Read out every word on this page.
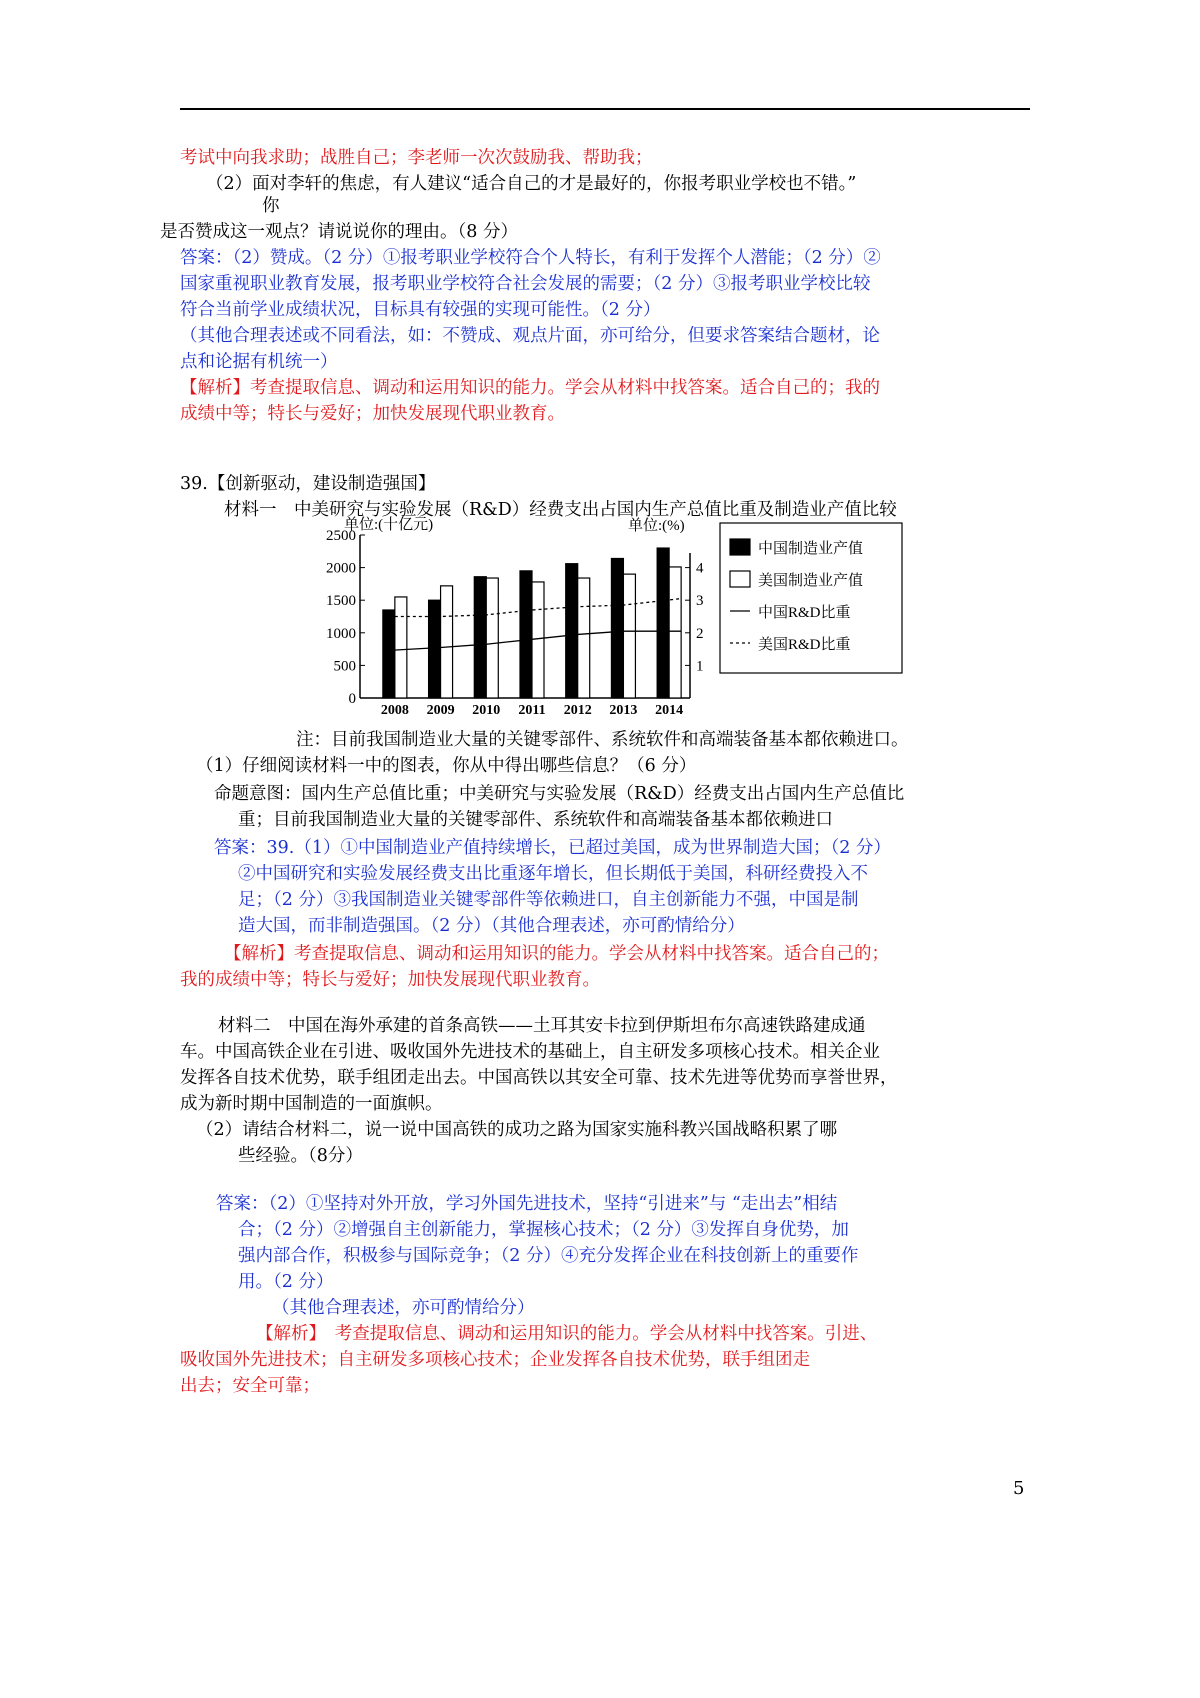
考试中向我求助；战胜自己；李老师一次次鼓励我、帮助我；
（2）面对李轩的焦虑，有人建议“适合自己的才是最好的，你报考职业学校也不错。”
你
是否赞成这一观点？请说说你的理由。（8 分）
答案：（2）赞成。（2 分）①报考职业学校符合个人特长，有利于发挥个人潜能；（2 分）②
国家重视职业教育发展，报考职业学校符合社会发展的需要；（2 分）③报考职业学校比较
符合当前学业成绩状况，目标具有较强的实现可能性。（2 分）
（其他合理表述或不同看法，如：不赞成、观点片面，亦可给分，但要求答案结合题材，论
点和论据有机统一）
【解析】考查提取信息、调动和运用知识的能力。学会从材料中找答案。适合自己的；我的
成绩中等；特长与爱好；加快发展现代职业教育。
39.【创新驱动，建设制造强国】
材料一　中美研究与实验发展（R&D）经费支出占国内生产总值比重及制造业产值比较
单位:(十亿元)	单位:(%)
0
500
1000
1500
2000
2500
1
2
3
4
2008 2009 2010 2011 2012 2013 2014
中国制造业产值
美国制造业产值
中国R&D比重
美国R&D比重
注：目前我国制造业大量的关键零部件、系统软件和高端装备基本都依赖进口。
（1）仔细阅读材料一中的图表，你从中得出哪些信息？（6 分）
命题意图：国内生产总值比重；中美研究与实验发展（R&D）经费支出占国内生产总值比
重；目前我国制造业大量的关键零部件、系统软件和高端装备基本都依赖进口
答案：39.（1）①中国制造业产值持续增长，已超过美国，成为世界制造大国；（2 分）
②中国研究和实验发展经费支出比重逐年增长，但长期低于美国，科研经费投入不
足；（2 分）③我国制造业关键零部件等依赖进口，自主创新能力不强，中国是制
造大国，而非制造强国。（2 分）（其他合理表述，亦可酌情给分）
【解析】考查提取信息、调动和运用知识的能力。学会从材料中找答案。适合自己的；
我的成绩中等；特长与爱好；加快发展现代职业教育。
材料二　中国在海外承建的首条高铁——土耳其安卡拉到伊斯坦布尔高速铁路建成通
车。中国高铁企业在引进、吸收国外先进技术的基础上，自主研发多项核心技术。相关企业
发挥各自技术优势，联手组团走出去。中国高铁以其安全可靠、技术先进等优势而享誉世界，
成为新时期中国制造的一面旗帜。
（2）请结合材料二，说一说中国高铁的成功之路为国家实施科教兴国战略积累了哪
些经验。（8分）
答案：（2）①坚持对外开放，学习外国先进技术，坚持“引进来”与 “走出去”相结
合；（2 分）②增强自主创新能力，掌握核心技术；（2 分）③发挥自身优势，加
强内部合作，积极参与国际竞争；（2 分）④充分发挥企业在科技创新上的重要作
用。（2 分）
（其他合理表述，亦可酌情给分）
【解析】　考查提取信息、调动和运用知识的能力。学会从材料中找答案。引进、
吸收国外先进技术；自主研发多项核心技术；企业发挥各自技术优势，联手组团走
出去；安全可靠；
5
